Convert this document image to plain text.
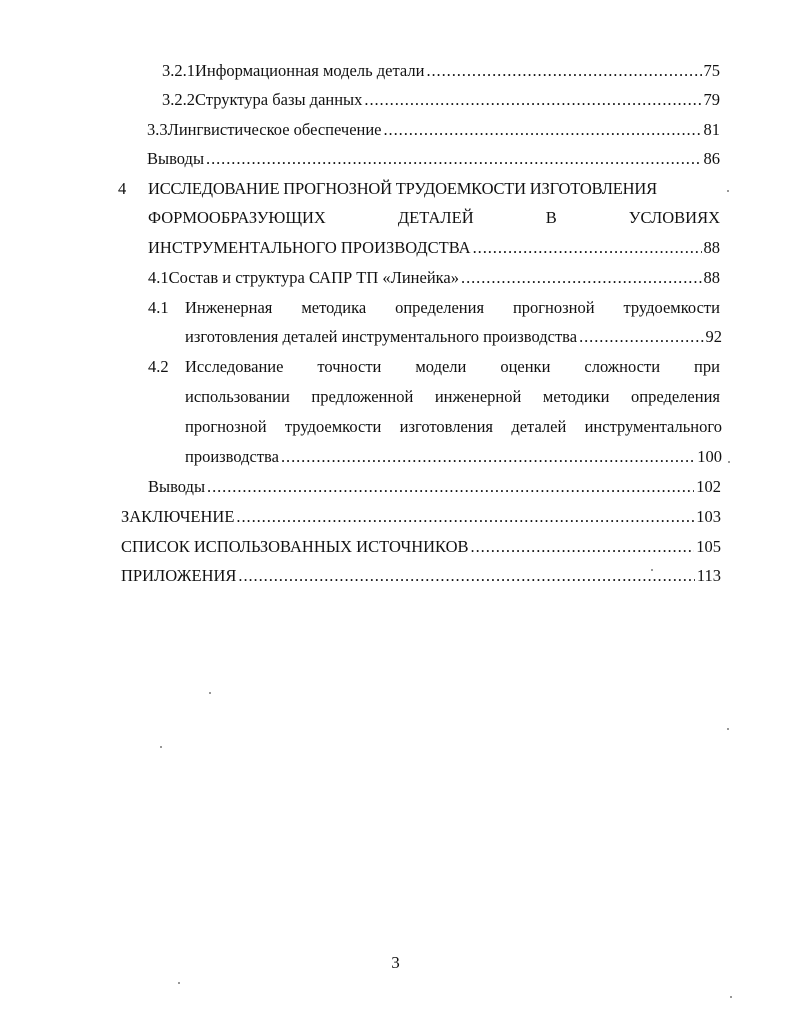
3.2.1 Информационная модель детали . . .	75
3.2.2 Структура базы данных . . .	79
3.3 Лингвистическое обеспечение . . .	81
Выводы . . .	86
4	ИССЛЕДОВАНИЕ ПРОГНОЗНОЙ ТРУДОЕМКОСТИ ИЗГОТОВЛЕНИЯ
ФОРМООБРАЗУЮЩИХ	ДЕТАЛЕЙ	В	УСЛОВИЯХ
ИНСТРУМЕНТАЛЬНОГО ПРОИЗВОДСТВА . . .	88
4.1 Состав и структура САПР ТП «Линейка» . . .	88
4.1 Инженерная методика определения прогнозной трудоемкости
изготовления деталей инструментального производства . . .	92
4.2 Исследование точности модели оценки сложности при
использовании предложенной инженерной методики определения
прогнозной трудоемкости изготовления деталей инструментального
производства . . .	100
Выводы . . .	102
ЗАКЛЮЧЕНИЕ . . .	103
СПИСОК ИСПОЛЬЗОВАННЫХ ИСТОЧНИКОВ . . .	105
ПРИЛОЖЕНИЯ . . .	113
3
